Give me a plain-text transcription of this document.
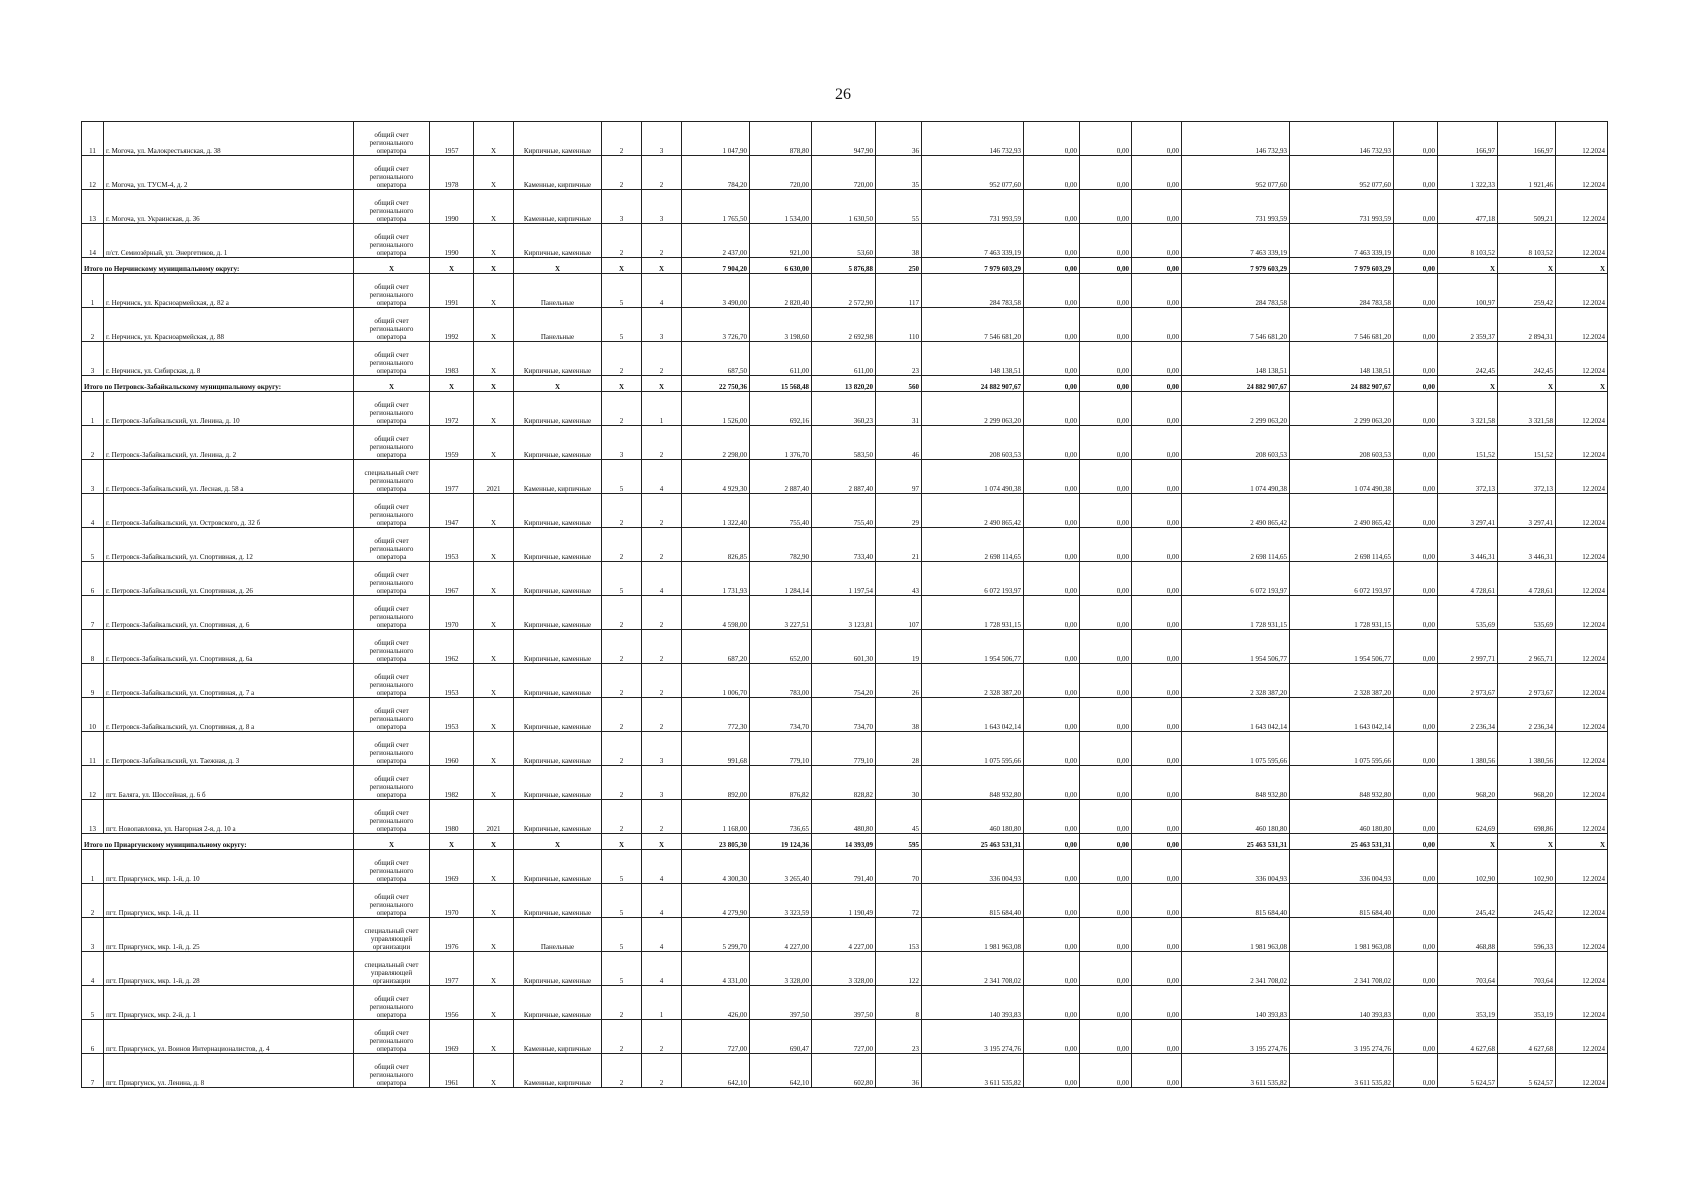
26
11	г. Могоча, ул. Малокрестьянская, д. 38	общий счет регионального оператора	1957	X	Кирпичные, каменные	2	3	1 047,90	878,80	947,90	36	146 732,93	0,00	0,00	0,00	146 732,93	146 732,93	0,00	166,97	166,97	12.2024
12	г. Могоча, ул. ТУСМ-4, д. 2	общий счет регионального оператора	1978	X	Каменные, кирпичные	2	2	784,20	720,00	720,00	35	952 077,60	0,00	0,00	0,00	952 077,60	952 077,60	0,00	1 322,33	1 921,46	12.2024
13	г. Могоча, ул. Украинская, д. 36	общий счет регионального оператора	1990	X	Каменные, кирпичные	3	3	1 765,50	1 534,00	1 630,50	55	731 993,59	0,00	0,00	0,00	731 993,59	731 993,59	0,00	477,18	509,21	12.2024
14	п/ст. Семиозёрный, ул. Энергетиков, д. 1	общий счет регионального оператора	1990	X	Кирпичные, каменные	2	2	2 437,00	921,00	53,60	38	7 463 339,19	0,00	0,00	0,00	7 463 339,19	7 463 339,19	0,00	8 103,52	8 103,52	12.2024
Итого по Нерчинскому муниципальному округу:		X	X	X	X	X	X	7 904,20	6 630,00	5 876,88	250	7 979 603,29	0,00	0,00	0,00	7 979 603,29	7 979 603,29	0,00	X	X	X
1	г. Нерчинск, ул. Красноармейская, д. 82 а	общий счет регионального оператора	1991	X	Панельные	5	4	3 490,00	2 820,40	2 572,90	117	284 783,58	0,00	0,00	0,00	284 783,58	284 783,58	0,00	100,97	259,42	12.2024
2	г. Нерчинск, ул. Красноармейская, д. 88	общий счет регионального оператора	1992	X	Панельные	5	3	3 726,70	3 198,60	2 692,98	110	7 546 681,20	0,00	0,00	0,00	7 546 681,20	7 546 681,20	0,00	2 359,37	2 894,31	12.2024
3	г. Нерчинск, ул. Сибирская, д. 8	общий счет регионального оператора	1983	X	Кирпичные, каменные	2	2	687,50	611,00	611,00	23	148 138,51	0,00	0,00	0,00	148 138,51	148 138,51	0,00	242,45	242,45	12.2024
Итого по Петровск-Забайкальскому муниципальному округу:		X	X	X	X	X	X	22 750,36	15 568,48	13 820,20	560	24 882 907,67	0,00	0,00	0,00	24 882 907,67	24 882 907,67	0,00	X	X	X
1	г. Петровск-Забайкальский, ул. Ленина, д. 10	общий счет регионального оператора	1972	X	Кирпичные, каменные	2	1	1 526,00	692,16	360,23	31	2 299 063,20	0,00	0,00	0,00	2 299 063,20	2 299 063,20	0,00	3 321,58	3 321,58	12.2024
2	г. Петровск-Забайкальский, ул. Ленина, д. 2	общий счет регионального оператора	1959	X	Кирпичные, каменные	3	2	2 298,00	1 376,70	583,50	46	208 603,53	0,00	0,00	0,00	208 603,53	208 603,53	0,00	151,52	151,52	12.2024
3	г. Петровск-Забайкальский, ул. Лесная, д. 58 а	специальный счет регионального оператора	1977	2021	Каменные, кирпичные	5	4	4 929,30	2 887,40	2 887,40	97	1 074 490,38	0,00	0,00	0,00	1 074 490,38	1 074 490,38	0,00	372,13	372,13	12.2024
4	г. Петровск-Забайкальский, ул. Островского, д. 32 б	общий счет регионального оператора	1947	X	Кирпичные, каменные	2	2	1 322,40	755,40	755,40	29	2 490 865,42	0,00	0,00	0,00	2 490 865,42	2 490 865,42	0,00	3 297,41	3 297,41	12.2024
5	г. Петровск-Забайкальский, ул. Спортивная, д. 12	общий счет регионального оператора	1953	X	Кирпичные, каменные	2	2	826,85	782,90	733,40	21	2 698 114,65	0,00	0,00	0,00	2 698 114,65	2 698 114,65	0,00	3 446,31	3 446,31	12.2024
6	г. Петровск-Забайкальский, ул. Спортивная, д. 26	общий счет регионального оператора	1967	X	Кирпичные, каменные	5	4	1 731,93	1 284,14	1 197,54	43	6 072 193,97	0,00	0,00	0,00	6 072 193,97	6 072 193,97	0,00	4 728,61	4 728,61	12.2024
7	г. Петровск-Забайкальский, ул. Спортивная, д. 6	общий счет регионального оператора	1970	X	Кирпичные, каменные	2	2	4 598,00	3 227,51	3 123,81	107	1 728 931,15	0,00	0,00	0,00	1 728 931,15	1 728 931,15	0,00	535,69	535,69	12.2024
8	г. Петровск-Забайкальский, ул. Спортивная, д. 6а	общий счет регионального оператора	1962	X	Кирпичные, каменные	2	2	687,20	652,00	601,30	19	1 954 506,77	0,00	0,00	0,00	1 954 506,77	1 954 506,77	0,00	2 997,71	2 965,71	12.2024
9	г. Петровск-Забайкальский, ул. Спортивная, д. 7 а	общий счет регионального оператора	1953	X	Кирпичные, каменные	2	2	1 006,70	783,00	754,20	26	2 328 387,20	0,00	0,00	0,00	2 328 387,20	2 328 387,20	0,00	2 973,67	2 973,67	12.2024
10	г. Петровск-Забайкальский, ул. Спортивная, д. 8 а	общий счет регионального оператора	1953	X	Кирпичные, каменные	2	2	772,30	734,70	734,70	38	1 643 042,14	0,00	0,00	0,00	1 643 042,14	1 643 042,14	0,00	2 236,34	2 236,34	12.2024
11	г. Петровск-Забайкальский, ул. Таежная, д. 3	общий счет регионального оператора	1960	X	Кирпичные, каменные	2	3	991,68	779,10	779,10	28	1 075 595,66	0,00	0,00	0,00	1 075 595,66	1 075 595,66	0,00	1 380,56	1 380,56	12.2024
12	пгт. Балягa, ул. Шоссейная, д. 6 б	общий счет регионального оператора	1982	X	Кирпичные, каменные	2	3	892,00	876,82	828,82	30	848 932,80	0,00	0,00	0,00	848 932,80	848 932,80	0,00	968,20	968,20	12.2024
13	пгт. Новопавловка, ул. Нагорная 2-я, д. 10 а	общий счет регионального оператора	1980	2021	Кирпичные, каменные	2	2	1 168,00	736,65	480,80	45	460 180,80	0,00	0,00	0,00	460 180,80	460 180,80	0,00	624,69	698,86	12.2024
Итого по Приаргунскому муниципальному округу:		X	X	X	X	X	X	23 805,30	19 124,36	14 393,09	595	25 463 531,31	0,00	0,00	0,00	25 463 531,31	25 463 531,31	0,00	X	X	X
1	пгт. Приаргунск, мкр. 1-й, д. 10	общий счет регионального оператора	1969	X	Кирпичные, каменные	5	4	4 300,30	3 265,40	791,40	70	336 004,93	0,00	0,00	0,00	336 004,93	336 004,93	0,00	102,90	102,90	12.2024
2	пгт. Приаргунск, мкр. 1-й, д. 11	общий счет регионального оператора	1970	X	Кирпичные, каменные	5	4	4 279,90	3 323,59	1 190,49	72	815 684,40	0,00	0,00	0,00	815 684,40	815 684,40	0,00	245,42	245,42	12.2024
3	пгт. Приаргунск, мкр. 1-й, д. 25	специальный счет управляющей организации	1976	X	Панельные	5	4	5 299,70	4 227,00	4 227,00	153	1 981 963,08	0,00	0,00	0,00	1 981 963,08	1 981 963,08	0,00	468,88	596,33	12.2024
4	пгт. Приаргунск, мкр. 1-й, д. 28	специальный счет управляющей организации	1977	X	Кирпичные, каменные	5	4	4 331,00	3 328,00	3 328,00	122	2 341 708,02	0,00	0,00	0,00	2 341 708,02	2 341 708,02	0,00	703,64	703,64	12.2024
5	пгт. Приаргунск, мкр. 2-й, д. 1	общий счет регионального оператора	1956	X	Кирпичные, каменные	2	1	426,00	397,50	397,50	8	140 393,83	0,00	0,00	0,00	140 393,83	140 393,83	0,00	353,19	353,19	12.2024
6	пгт. Приаргунск, ул. Воинов Интернационалистов, д. 4	общий счет регионального оператора	1969	X	Каменные, кирпичные	2	2	727,00	690,47	727,00	23	3 195 274,76	0,00	0,00	0,00	3 195 274,76	3 195 274,76	0,00	4 627,68	4 627,68	12.2024
7	пгт. Приаргунск, ул. Ленина, д. 8	общий счет регионального оператора	1961	X	Каменные, кирпичные	2	2	642,10	642,10	602,80	36	3 611 535,82	0,00	0,00	0,00	3 611 535,82	3 611 535,82	0,00	5 624,57	5 624,57	12.2024
